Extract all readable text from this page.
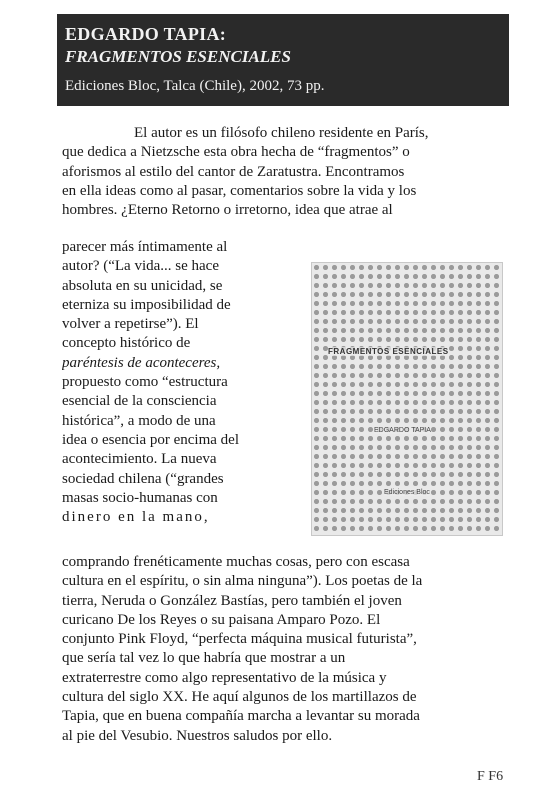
EDGARDO TAPIA:
FRAGMENTOS ESENCIALES
Ediciones Bloc, Talca (Chile), 2002, 73 pp.
El autor es un filósofo chileno residente en París,
que dedica a Nietzsche esta obra hecha de “fragmentos” o
aforismos al estilo del cantor de Zaratustra. Encontramos
en ella ideas como al pasar, comentarios sobre la vida y los
hombres. ¿Eterno Retorno o irretorno, idea que atrae al
parecer más íntimamente al
autor? (“La vida... se hace
absoluta en su unicidad, se
eterniza su imposibilidad de
volver a repetirse”). El
concepto histórico de
paréntesis de aconteceres,
propuesto como “estructura
esencial de la consciencia
histórica”, a modo de una
idea o esencia por encima del
acontecimiento. La nueva
sociedad chilena (“grandes
masas socio-humanas con
dinero en la mano,
FRAGMENTOS ESENCIALES
EDGARDO TAPIA
Ediciones Bloc
comprando frenéticamente muchas cosas, pero con escasa
cultura en el espíritu, o sin alma ninguna”). Los poetas de la
tierra, Neruda o González Bastías, pero también el joven
curicano De los Reyes o su paisana Amparo Pozo. El
conjunto Pink Floyd, “perfecta máquina musical futurista”,
que sería tal vez lo que habría que mostrar a un
extraterrestre como algo representativo de la música y
cultura del siglo XX. He aquí algunos de los martillazos de
Tapia, que en buena compañía marcha a levantar su morada
al pie del Vesubio. Nuestros saludos por ello.
F F6
